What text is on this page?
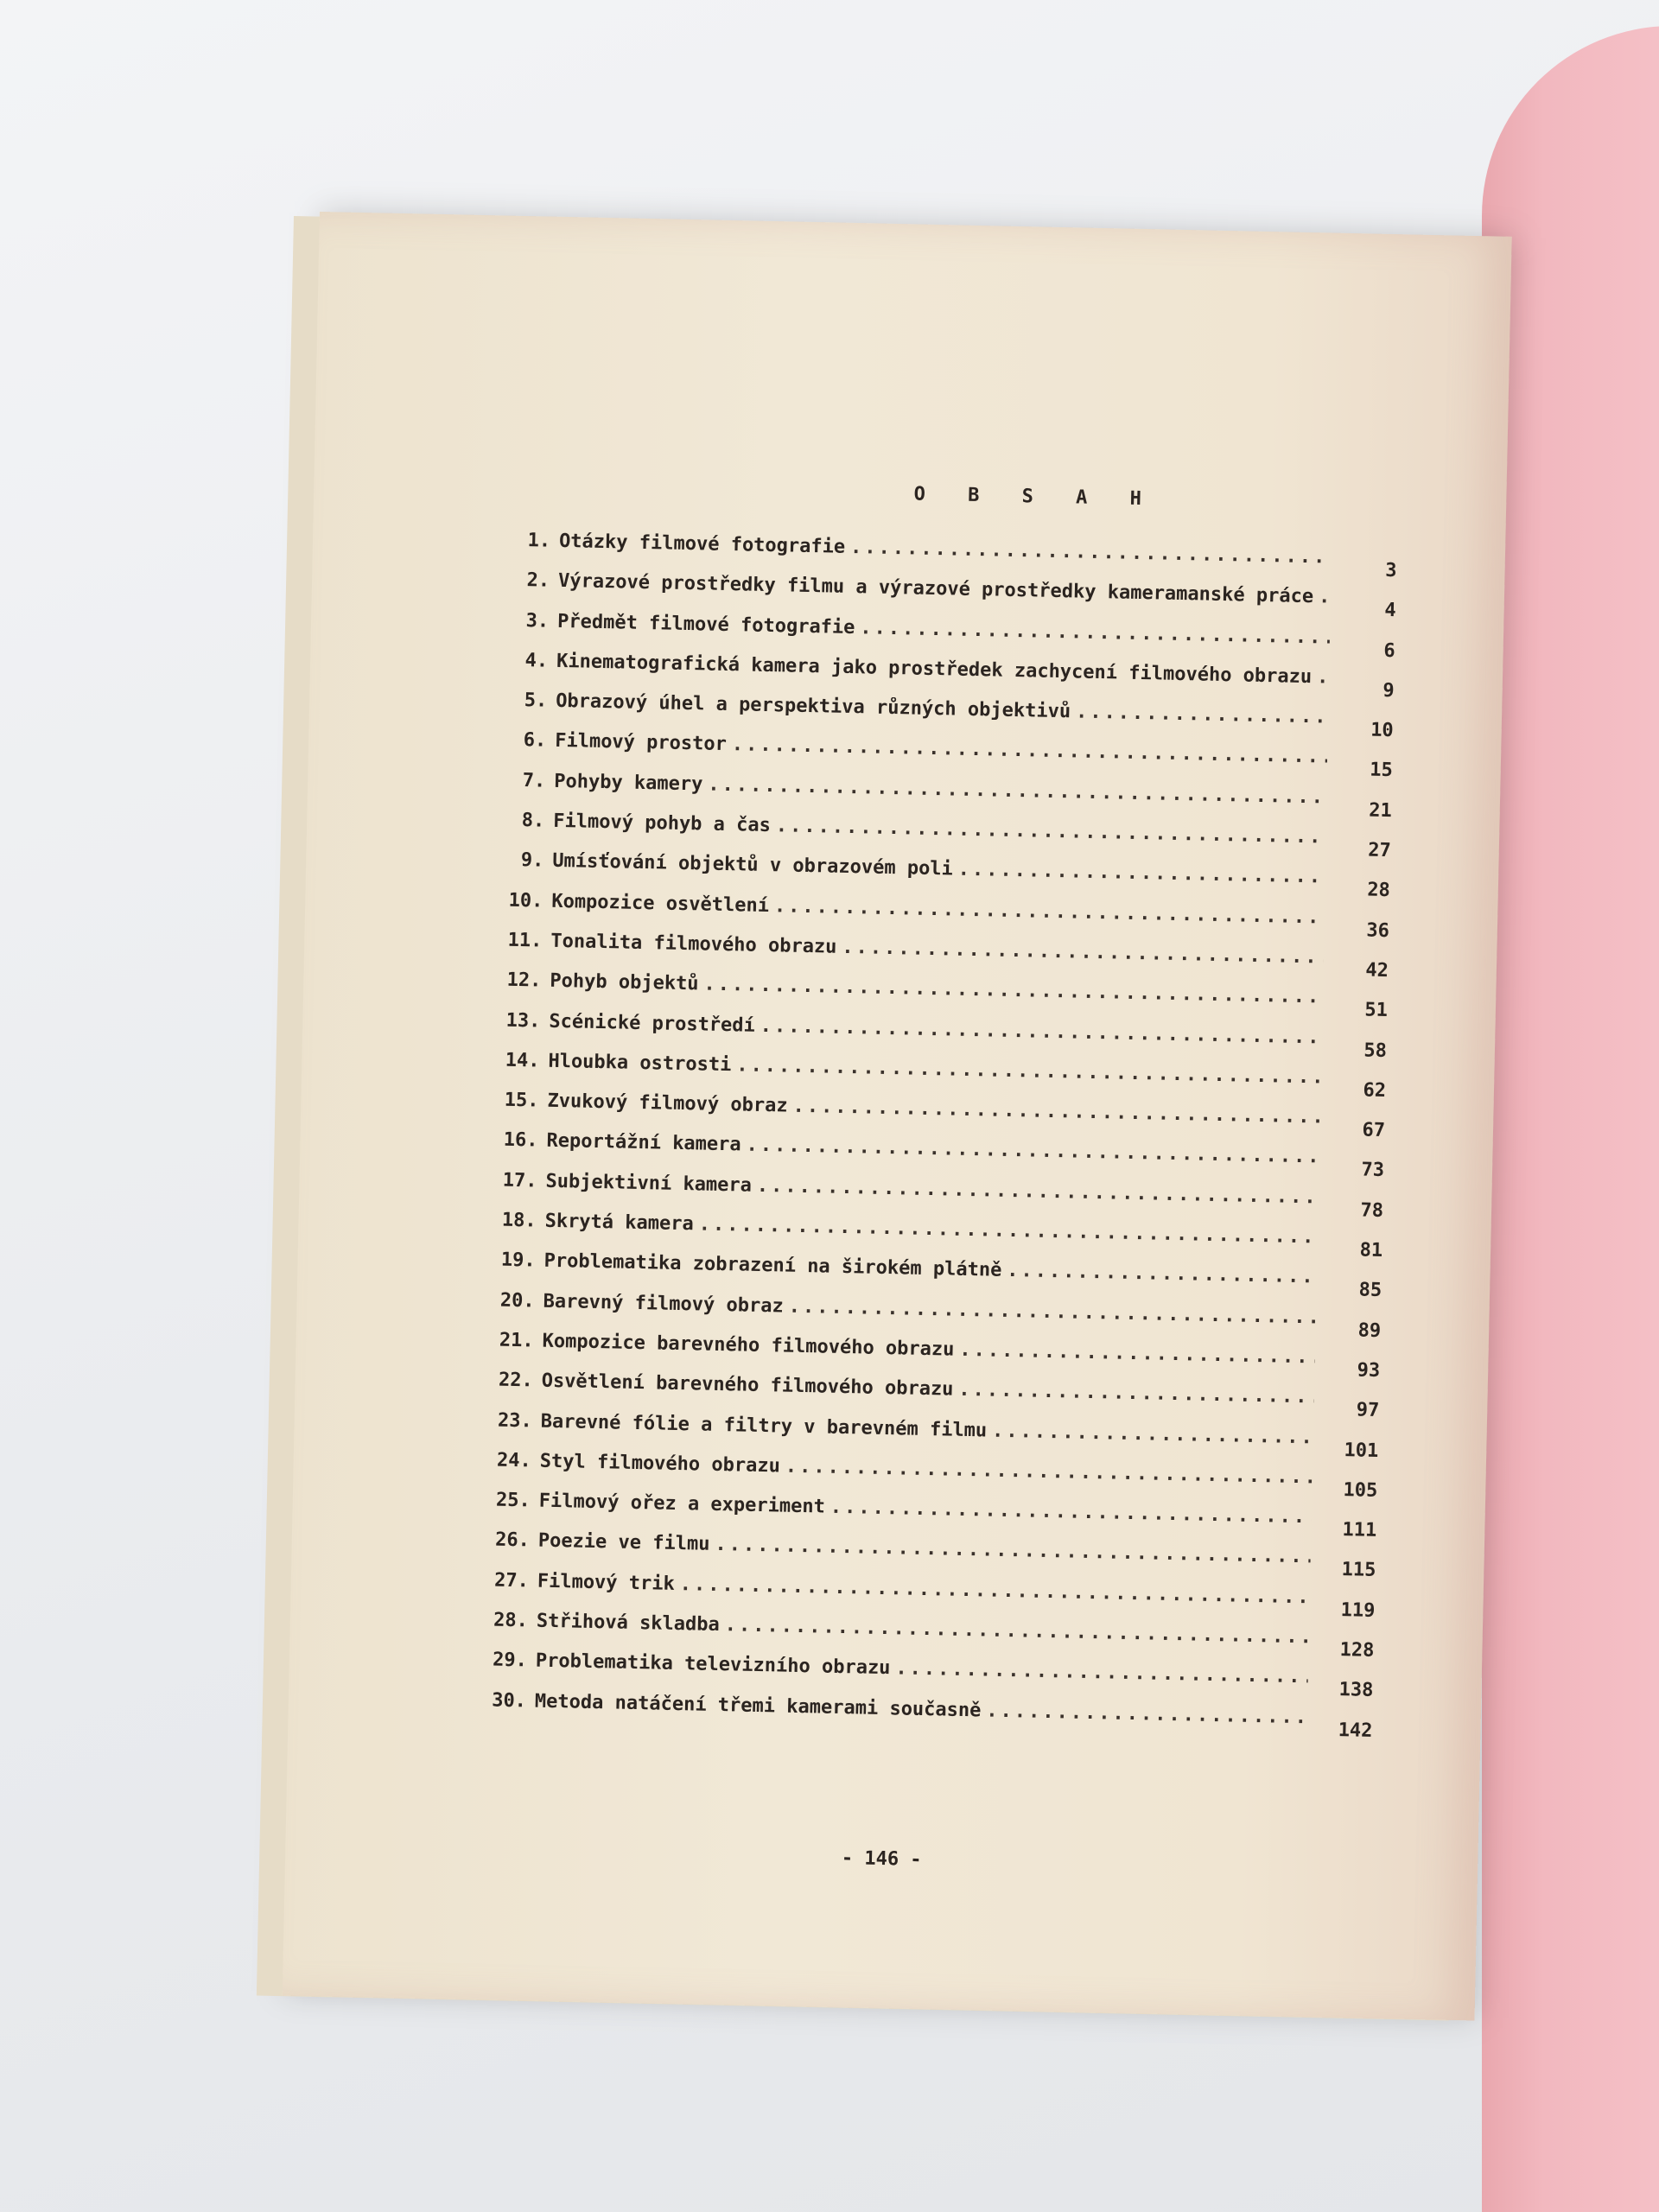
O B S A H
1. Otázky filmové fotografie
.....
3
2. Výrazové prostředky filmu a výrazové prostředky kameramanské práce
.....
4
3. Předmět filmové fotografie
.....
6
4. Kinematografická kamera jako prostředek zachycení filmového obrazu
.....
9
5. Obrazový úhel a perspektiva různých objektivů
.....
10
6. Filmový prostor
.....
15
7. Pohyby kamery
.....
21
8. Filmový pohyb a čas
.....
27
9. Umísťování objektů v obrazovém poli
.....
28
10. Kompozice osvětlení
.....
36
11. Tonalita filmového obrazu
.....
42
12. Pohyb objektů
.....
51
13. Scénické prostředí
.....
58
14. Hloubka ostrosti
.....
62
15. Zvukový filmový obraz
.....
67
16. Reportážní kamera
.....
73
17. Subjektivní kamera
.....
78
18. Skrytá kamera
.....
81
19. Problematika zobrazení na širokém plátně
.....
85
20. Barevný filmový obraz
.....
89
21. Kompozice barevného filmového obrazu
.....
93
22. Osvětlení barevného filmového obrazu
.....
97
23. Barevné fólie a filtry v barevném filmu
.....
101
24. Styl filmového obrazu
.....
105
25. Filmový ořez a experiment
.....
111
26. Poezie ve filmu
.....
115
27. Filmový trik
.....
119
28. Střihová skladba
.....
128
29. Problematika televizního obrazu
.....
138
30. Metoda natáčení třemi kamerami současně
.....
142
- 146 -
